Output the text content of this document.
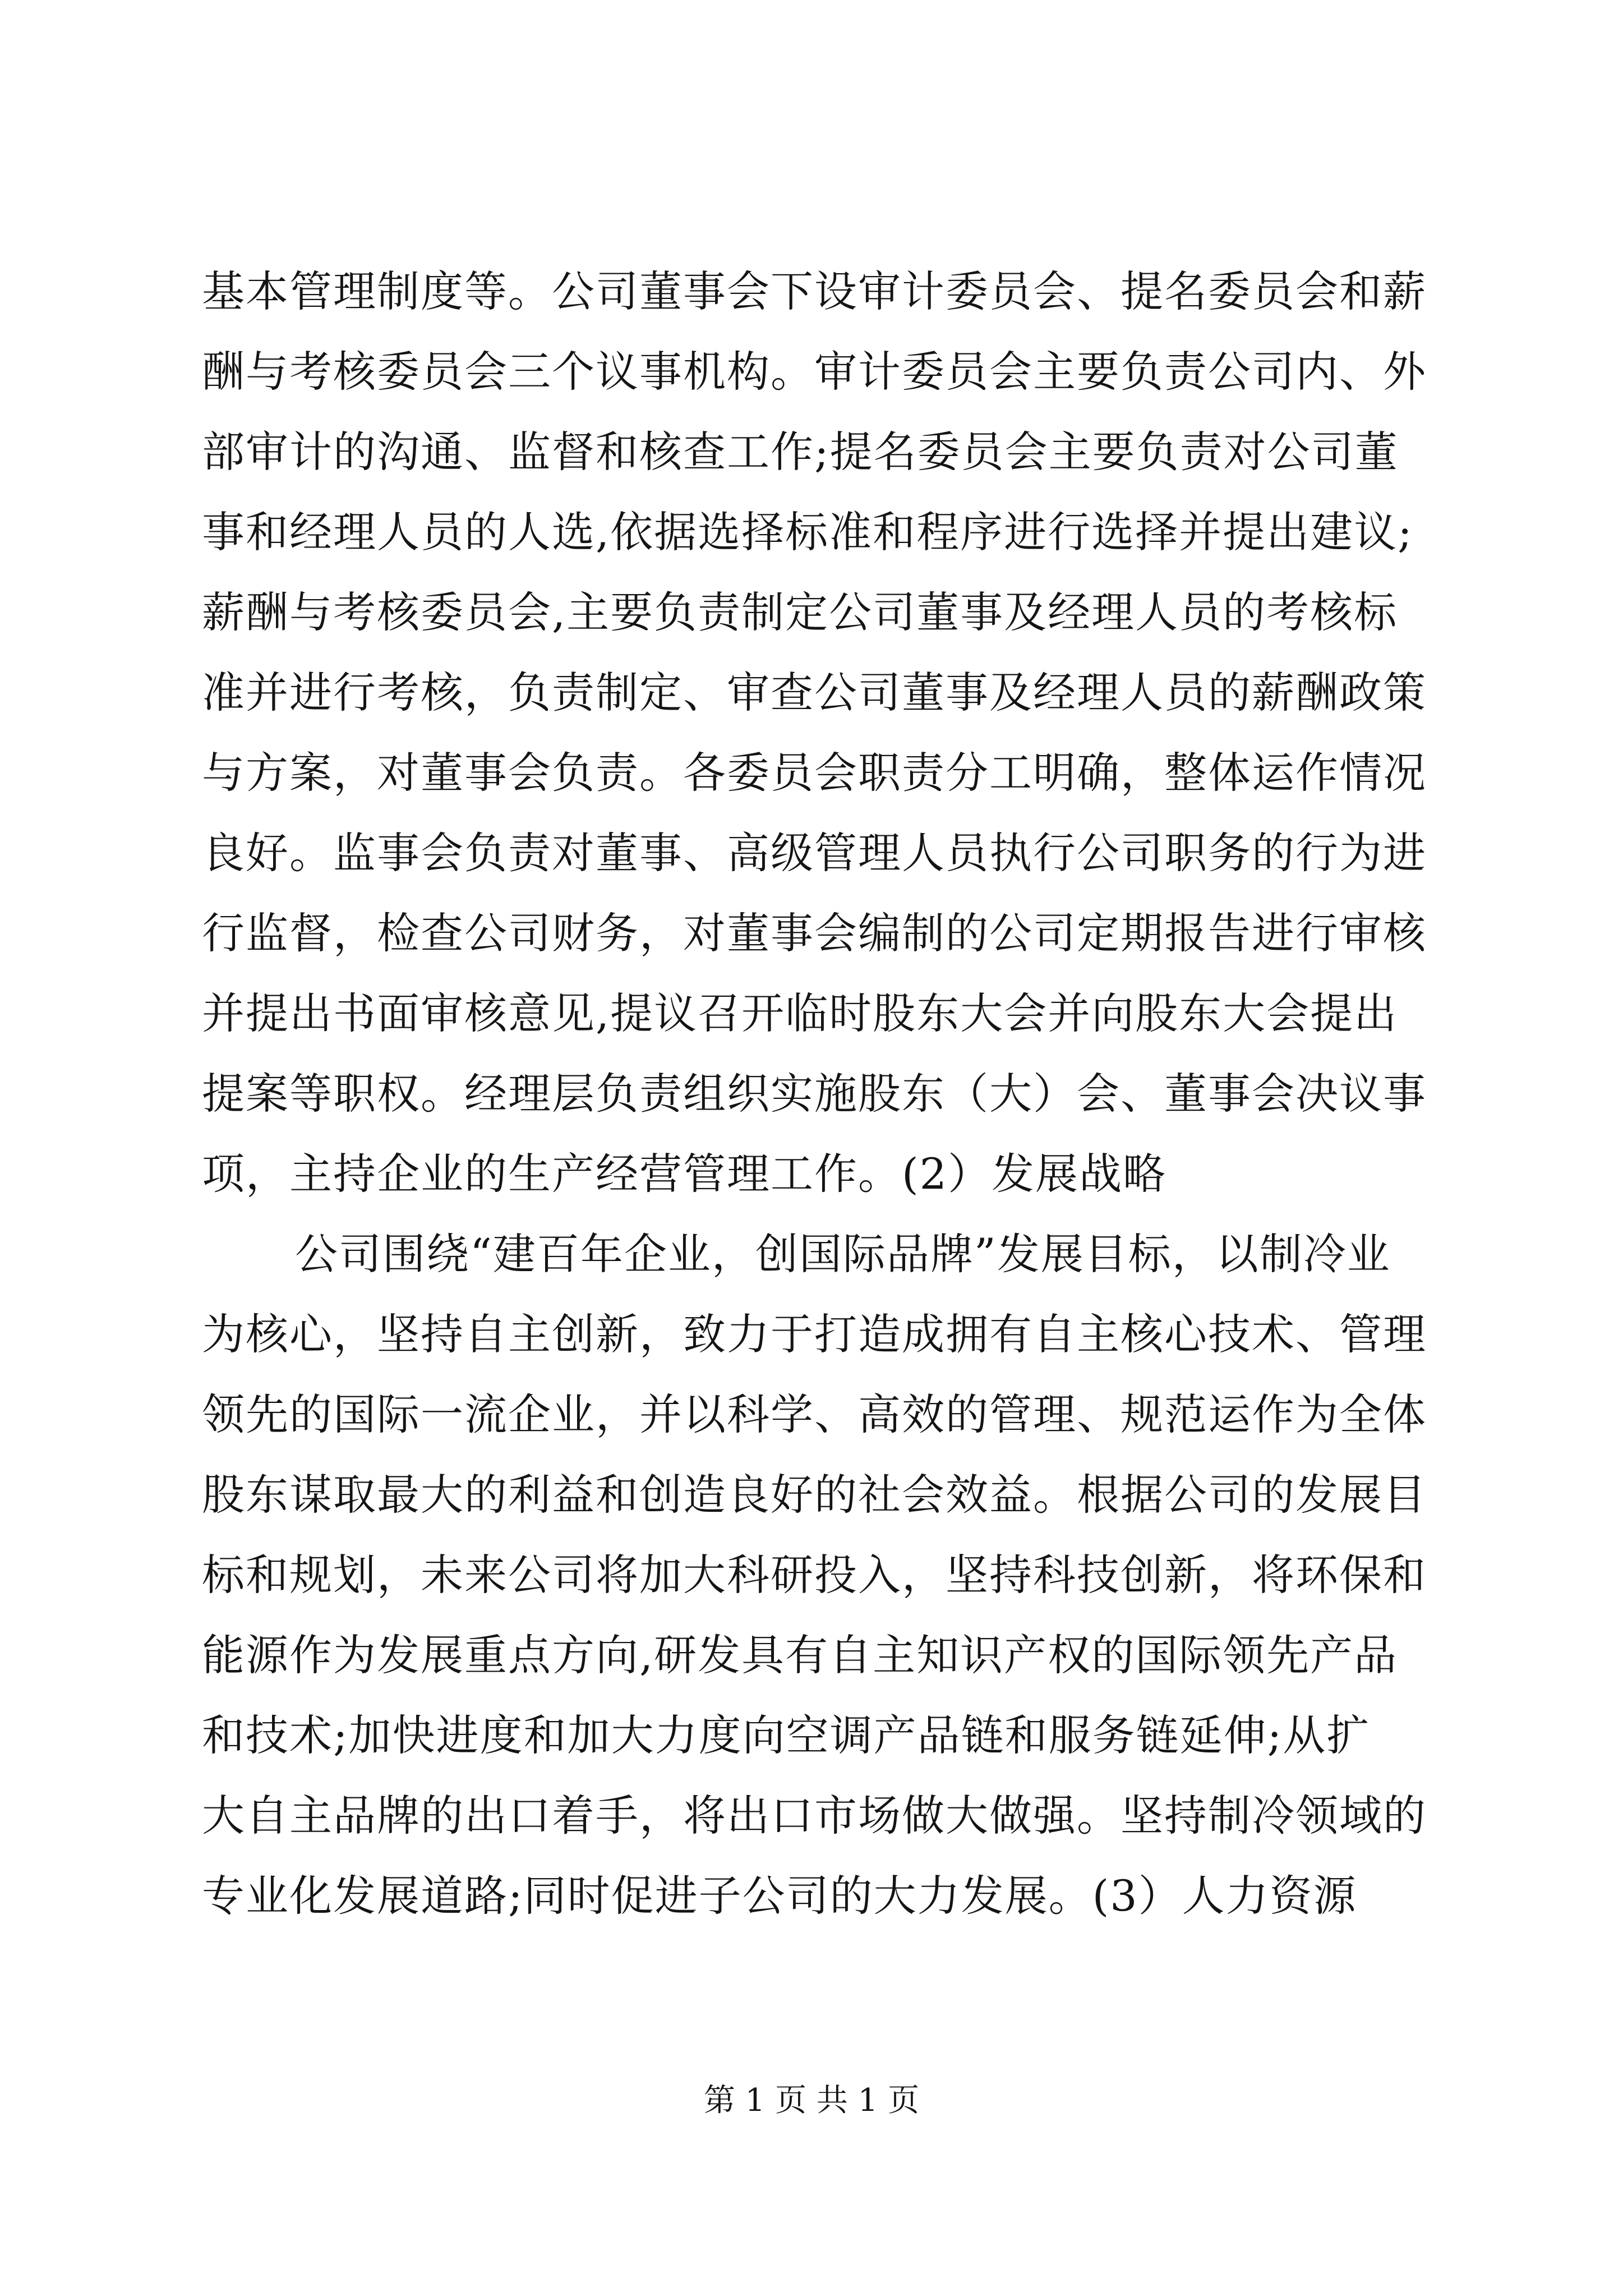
基本管理制度等。公司董事会下设审计委员会、提名委员会和薪
酬与考核委员会三个议事机构。审计委员会主要负责公司内、外
部审计的沟通、监督和核查工作;提名委员会主要负责对公司董
事和经理人员的人选,依据选择标准和程序进行选择并提出建议;
薪酬与考核委员会,主要负责制定公司董事及经理人员的考核标
准并进行考核，负责制定、审查公司董事及经理人员的薪酬政策
与方案，对董事会负责。各委员会职责分工明确，整体运作情况
良好。监事会负责对董事、高级管理人员执行公司职务的行为进
行监督，检查公司财务，对董事会编制的公司定期报告进行审核
并提出书面审核意见,提议召开临时股东大会并向股东大会提出
提案等职权。经理层负责组织实施股东（大）会、董事会决议事
项，主持企业的生产经营管理工作。(2）发展战略
公司围绕“建百年企业，创国际品牌”发展目标，以制冷业
为核心，坚持自主创新，致力于打造成拥有自主核心技术、管理
领先的国际一流企业，并以科学、高效的管理、规范运作为全体
股东谋取最大的利益和创造良好的社会效益。根据公司的发展目
标和规划，未来公司将加大科研投入，坚持科技创新，将环保和
能源作为发展重点方向,研发具有自主知识产权的国际领先产品
和技术;加快进度和加大力度向空调产品链和服务链延伸;从扩
大自主品牌的出口着手，将出口市场做大做强。坚持制冷领域的
专业化发展道路;同时促进子公司的大力发展。(3）人力资源
第 1 页 共 1 页
